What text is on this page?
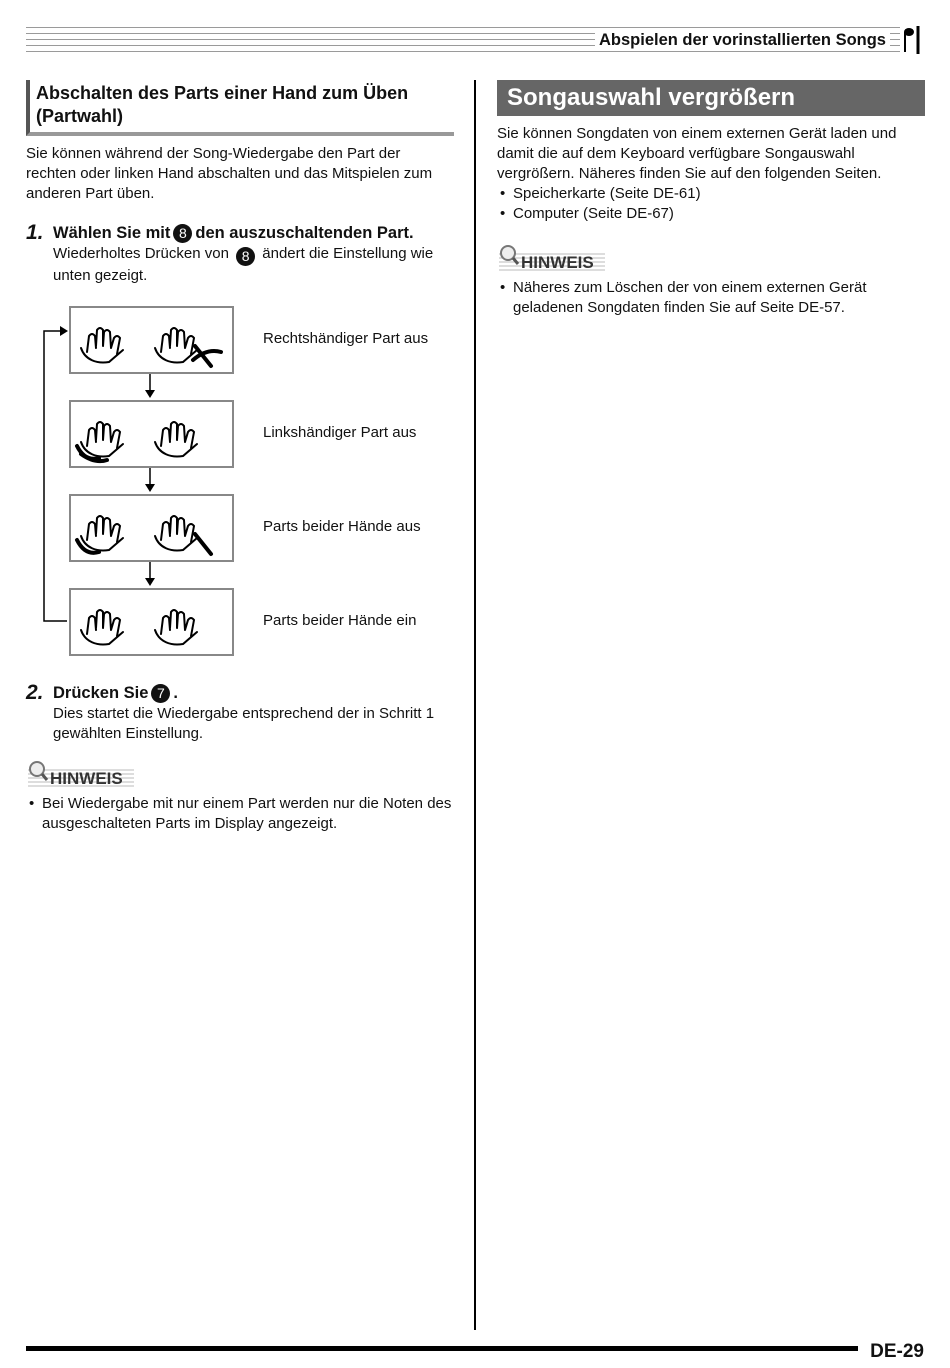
Abspielen der vorinstallierten Songs
Abschalten des Parts einer Hand zum Üben (Partwahl)

Sie können während der Song-Wiedergabe den Part der rechten oder linken Hand abschalten und das Mitspielen zum anderen Part üben.

1. Wählen Sie mit 8 den auszuschaltenden Part.
Wiederholtes Drücken von 8 ändert die Einstellung wie unten gezeigt.
Rechtshändiger Part aus
Linkshändiger Part aus
Parts beider Hände aus
Parts beider Hände ein
2. Drücken Sie 7 .
Dies startet die Wiedergabe entsprechend der in Schritt 1 gewählten Einstellung.
HINWEIS
• Bei Wiedergabe mit nur einem Part werden nur die Noten des ausgeschalteten Parts im Display angezeigt.
Songauswahl vergrößern

Sie können Songdaten von einem externen Gerät laden und damit die auf dem Keyboard verfügbare Songauswahl vergrößern. Näheres finden Sie auf den folgenden Seiten.

• Speicherkarte (Seite DE-61)
• Computer (Seite DE-67)
HINWEIS
• Näheres zum Löschen der von einem externen Gerät geladenen Songdaten finden Sie auf Seite DE-57.
DE-29
